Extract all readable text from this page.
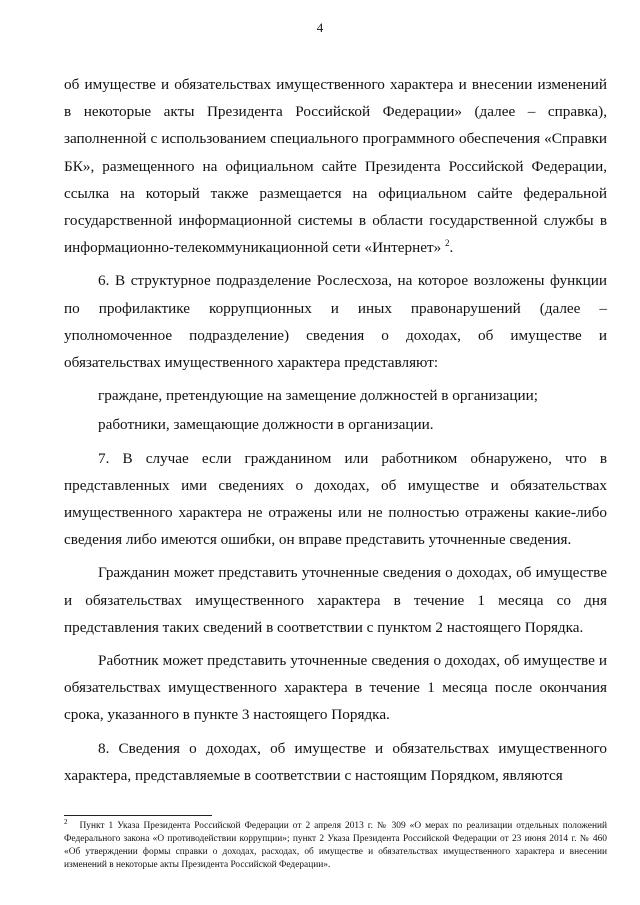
4

об имуществе и обязательствах имущественного характера и внесении изменений в некоторые акты Президента Российской Федерации» (далее – справка), заполненной с использованием специального программного обеспечения «Справки БК», размещенного на официальном сайте Президента Российской Федерации, ссылка на который также размещается на официальном сайте федеральной государственной информационной системы в области государственной службы в информационно-телекоммуникационной сети «Интернет» $^2$.

6. В структурное подразделение Рослесхоза, на которое возложены функции по профилактике коррупционных и иных правонарушений (далее – уполномоченное подразделение) сведения о доходах, об имуществе и обязательствах имущественного характера представляют:

граждане, претендующие на замещение должностей в организации;

работники, замещающие должности в организации.

7. В случае если гражданином или работником обнаружено, что в представленных ими сведениях о доходах, об имуществе и обязательствах имущественного характера не отражены или не полностью отражены какие-либо сведения либо имеются ошибки, он вправе представить уточненные сведения.

Гражданин может представить уточненные сведения о доходах, об имуществе и обязательствах имущественного характера в течение 1 месяца со дня представления таких сведений в соответствии с пунктом 2 настоящего Порядка.

Работник может представить уточненные сведения о доходах, об имуществе и обязательствах имущественного характера в течение 1 месяца после окончания срока, указанного в пункте 3 настоящего Порядка.

8. Сведения о доходах, об имуществе и обязательствах имущественного характера, представляемые в соответствии с настоящим Порядком, являются

$^2$ Пункт 1 Указа Президента Российской Федерации от 2 апреля 2013 г. № 309 «О мерах по реализации отдельных положений Федерального закона «О противодействии коррупции»; пункт 2 Указа Президента Российской Федерации от 23 июня 2014 г. № 460 «Об утверждении формы справки о доходах, расходах, об имуществе и обязательствах имущественного характера и внесении изменений в некоторые акты Президента Российской Федерации».
